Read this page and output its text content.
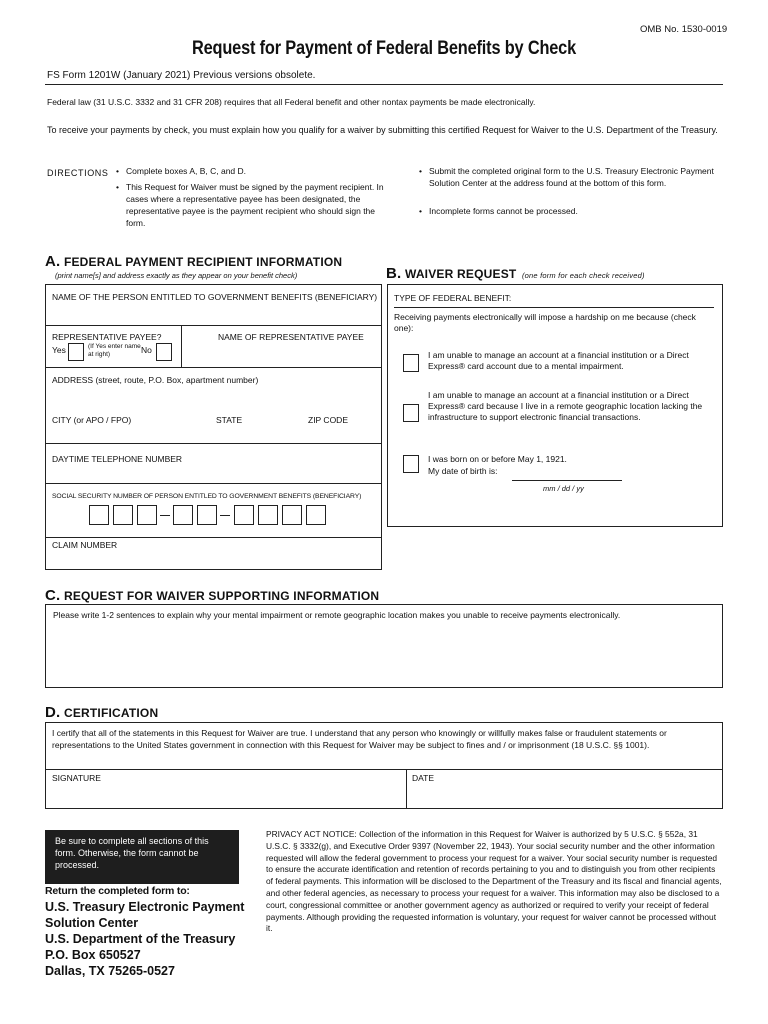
OMB No. 1530-0019
Request for Payment of Federal Benefits by Check
FS Form 1201W (January 2021) Previous versions obsolete.
Federal law (31 U.S.C. 3332 and 31 CFR 208) requires that all Federal benefit and other nontax payments be made electronically.
To receive your payments by check, you must explain how you qualify for a waiver by submitting this certified Request for Waiver to the U.S. Department of the Treasury.
DIRECTIONS
• Complete boxes A, B, C, and D.
• This Request for Waiver must be signed by the payment recipient. In cases where a representative payee has been designated, the representative payee is the payment recipient who should sign the form.
• Submit the completed original form to the U.S. Treasury Electronic Payment Solution Center at the address found at the bottom of this form.
• Incomplete forms cannot be processed.
A. FEDERAL PAYMENT RECIPIENT INFORMATION
(print name[s] and address exactly as they appear on your benefit check)
NAME OF THE PERSON ENTITLED TO GOVERNMENT BENEFITS (BENEFICIARY)
REPRESENTATIVE PAYEE?
Yes	(If Yes enter name at right)	No
NAME OF REPRESENTATIVE PAYEE
ADDRESS (street, route, P.O. Box, apartment number)
CITY (or APO / FPO)	STATE	ZIP CODE
DAYTIME TELEPHONE NUMBER
SOCIAL SECURITY NUMBER OF PERSON ENTITLED TO GOVERNMENT BENEFITS (BENEFICIARY)
CLAIM NUMBER
B. WAIVER REQUEST (one form for each check received)
TYPE OF FEDERAL BENEFIT:
Receiving payments electronically will impose a hardship on me because (check one):
I am unable to manage an account at a financial institution or a Direct Express® card account due to a mental impairment.
I am unable to manage an account at a financial institution or a Direct Express® card because I live in a remote geographic location lacking the infrastructure to support electronic financial transactions.
I was born on or before May 1, 1921.
My date of birth is:
mm / dd / yy
C. REQUEST FOR WAIVER SUPPORTING INFORMATION
Please write 1-2 sentences to explain why your mental impairment or remote geographic location makes you unable to receive payments electronically.
D. CERTIFICATION
I certify that all of the statements in this Request for Waiver are true. I understand that any person who knowingly or willfully makes false or fraudulent statements or representations to the United States government in connection with this Request for Waiver may be subject to fines and / or imprisonment (18 U.S.C. §§ 1001).
SIGNATURE	DATE
Be sure to complete all sections of this form. Otherwise, the form cannot be processed.
Return the completed form to:
U.S. Treasury Electronic Payment
Solution Center
U.S. Department of the Treasury
P.O. Box 650527
Dallas, TX 75265-0527
PRIVACY ACT NOTICE: Collection of the information in this Request for Waiver is authorized by 5 U.S.C. § 552a, 31 U.S.C. § 3332(g), and Executive Order 9397 (November 22, 1943). Your social security number and the other information requested will allow the federal government to process your request for a waiver. Your social security number is requested to ensure the accurate identification and retention of records pertaining to you and to distinguish you from other recipients of federal payments. This information will be disclosed to the Department of the Treasury and its fiscal and financial agents, and other federal agencies, as necessary to process your request for a waiver. This information may also be disclosed to a court, congressional committee or another government agency as authorized or required to verify your receipt of federal payments. Although providing the requested information is voluntary, your request for waiver cannot be processed without it.
